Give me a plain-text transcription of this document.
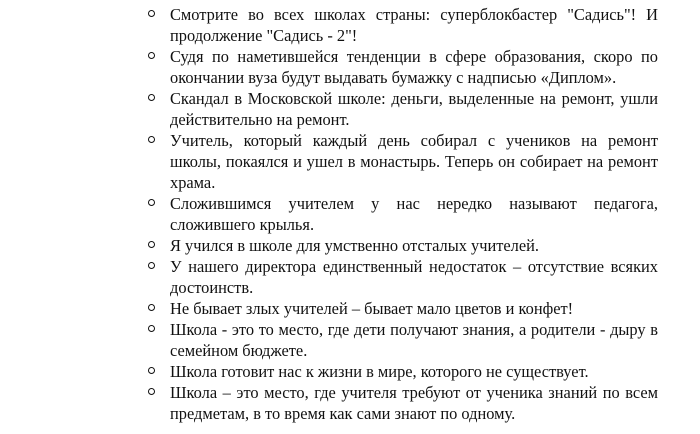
Смотрите во всех школах страны: суперблокбастер "Садись"! И продолжение "Садись - 2"!
Судя по наметившейся тенденции в сфере образования, скоро по окончании вуза будут выдавать бумажку с надписью «Диплом».
Скандал в Московской школе: деньги, выделенные на ремонт, ушли действительно на ремонт.
Учитель, который каждый день собирал с учеников на ремонт школы, покаялся и ушел в монастырь. Теперь он собирает на ремонт храма.
Сложившимся учителем у нас нередко называют педагога, сложившего крылья.
Я учился в школе для умственно отсталых учителей.
У нашего директора единственный недостаток – отсутствие всяких достоинств.
Не бывает злых учителей – бывает мало цветов и конфет!
Школа - это то место, где дети получают знания, а родители - дыру в семейном бюджете.
Школа готовит нас к жизни в мире, которого не существует.
Школа – это место, где учителя требуют от ученика знаний по всем предметам, в то время как сами знают по одному.
